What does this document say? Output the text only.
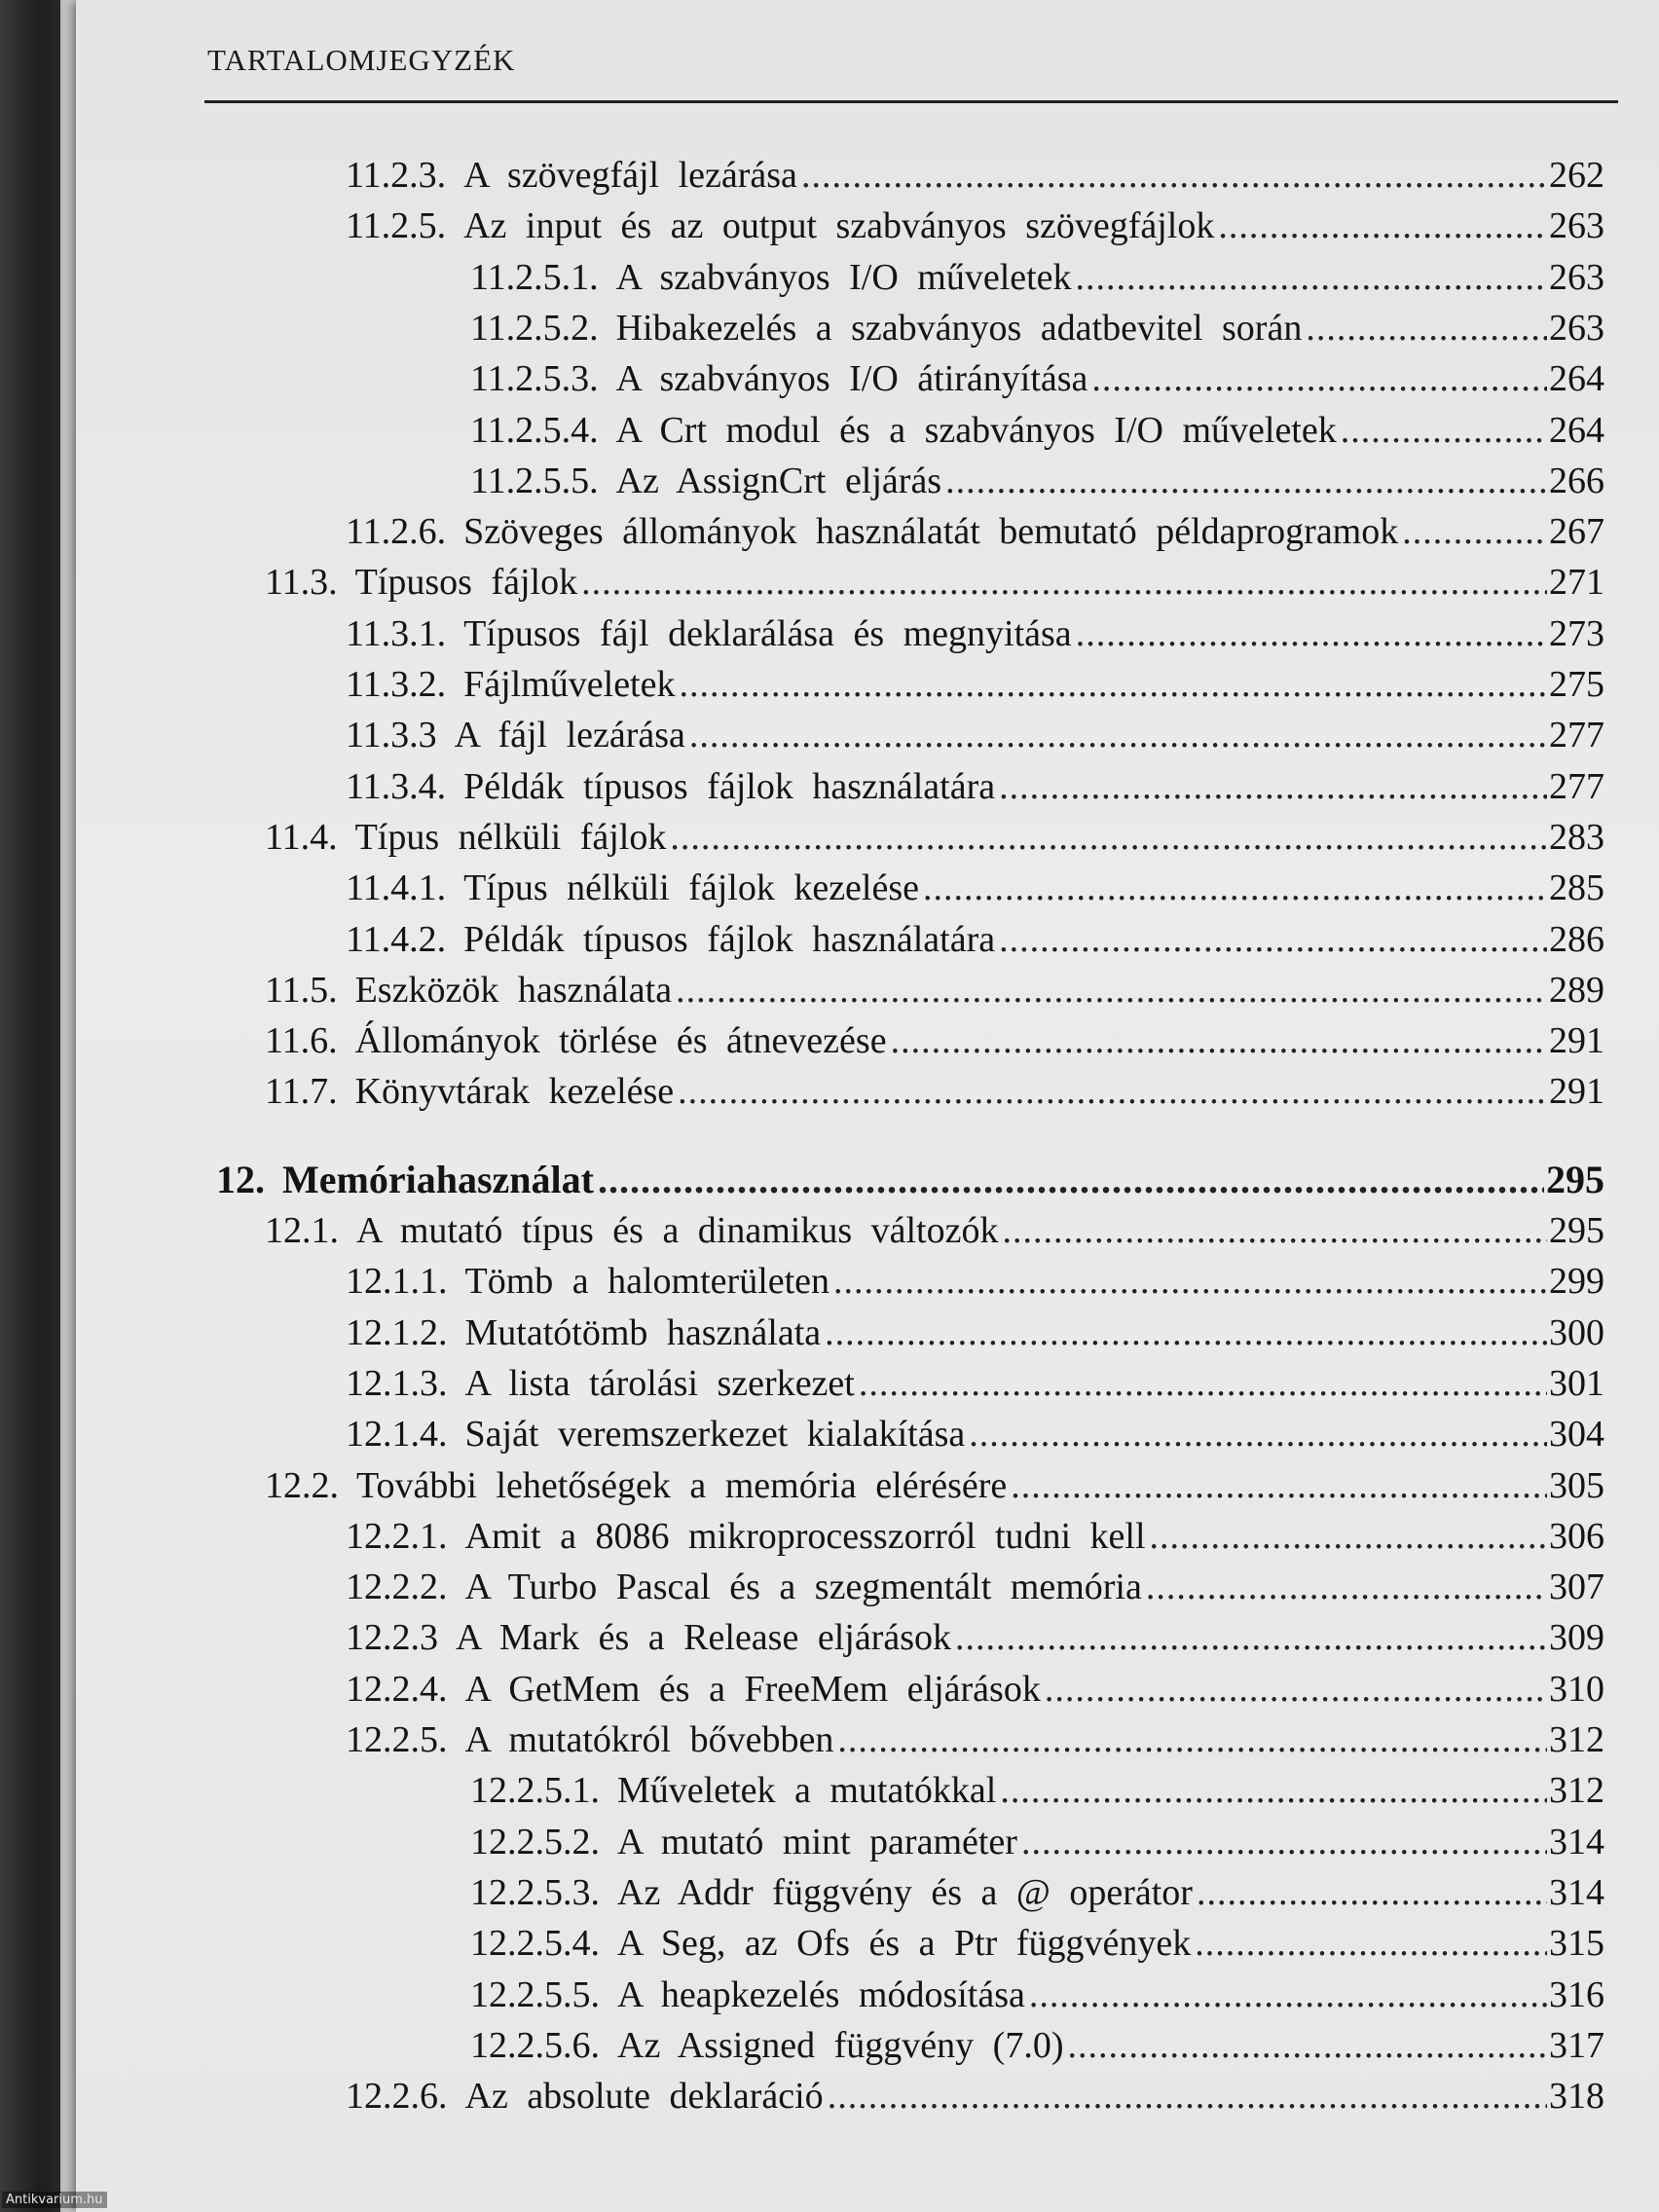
TARTALOMJEGYZÉK
11.2.3. A szövegfájl lezárása .....	262
11.2.5. Az input és az output szabványos szövegfájlok .....	263
11.2.5.1. A szabványos I/O műveletek .....	263
11.2.5.2. Hibakezelés a szabványos adatbevitel során .....	263
11.2.5.3. A szabványos I/O átirányítása .....	264
11.2.5.4. A Crt modul és a szabványos I/O műveletek .....	264
11.2.5.5. Az AssignCrt eljárás .....	266
11.2.6. Szöveges állományok használatát bemutató példaprogramok .....	267
11.3. Típusos fájlok .....	271
11.3.1. Típusos fájl deklarálása és megnyitása .....	273
11.3.2. Fájlműveletek .....	275
11.3.3 A fájl lezárása .....	277
11.3.4. Példák típusos fájlok használatára .....	277
11.4. Típus nélküli fájlok .....	283
11.4.1. Típus nélküli fájlok kezelése .....	285
11.4.2. Példák típusos fájlok használatára .....	286
11.5. Eszközök használata .....	289
11.6. Állományok törlése és átnevezése .....	291
11.7. Könyvtárak kezelése .....	291
12. Memóriahasználat .....	295
12.1. A mutató típus és a dinamikus változók .....	295
12.1.1. Tömb a halomterületen .....	299
12.1.2. Mutatótömb használata .....	300
12.1.3. A lista tárolási szerkezet .....	301
12.1.4. Saját veremszerkezet kialakítása .....	304
12.2. További lehetőségek a memória elérésére .....	305
12.2.1. Amit a 8086 mikroprocesszorról tudni kell .....	306
12.2.2. A Turbo Pascal és a szegmentált memória .....	307
12.2.3 A Mark és a Release eljárások .....	309
12.2.4. A GetMem és a FreeMem eljárások .....	310
12.2.5. A mutatókról bővebben .....	312
12.2.5.1. Műveletek a mutatókkal .....	312
12.2.5.2. A mutató mint paraméter .....	314
12.2.5.3. Az Addr függvény és a @ operátor .....	314
12.2.5.4. A Seg, az Ofs és a Ptr függvények .....	315
12.2.5.5. A heapkezelés módosítása .....	316
12.2.5.6. Az Assigned függvény (7.0) .....	317
12.2.6. Az absolute deklaráció .....	318
Antikvarium.hu
